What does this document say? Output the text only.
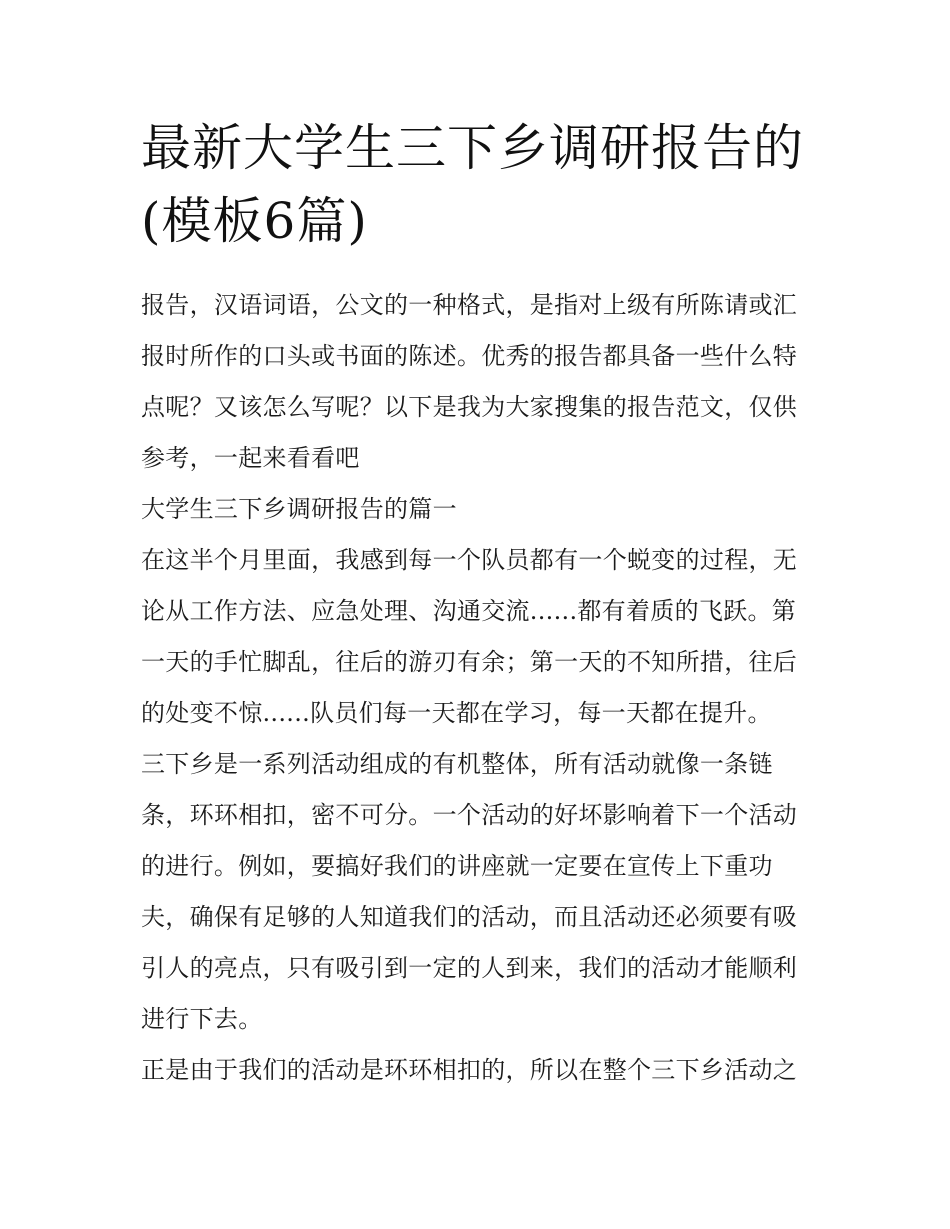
最新大学生三下乡调研报告的
(模板6篇)
报告，汉语词语，公文的一种格式，是指对上级有所陈请或汇
报时所作的口头或书面的陈述。优秀的报告都具备一些什么特
点呢？又该怎么写呢？以下是我为大家搜集的报告范文，仅供
参考，一起来看看吧
大学生三下乡调研报告的篇一
在这半个月里面，我感到每一个队员都有一个蜕变的过程，无
论从工作方法、应急处理、沟通交流......都有着质的飞跃。第
一天的手忙脚乱，往后的游刃有余；第一天的不知所措，往后
的处变不惊......队员们每一天都在学习，每一天都在提升。
三下乡是一系列活动组成的有机整体，所有活动就像一条链
条，环环相扣，密不可分。一个活动的好坏影响着下一个活动
的进行。例如，要搞好我们的讲座就一定要在宣传上下重功
夫，确保有足够的人知道我们的活动，而且活动还必须要有吸
引人的亮点，只有吸引到一定的人到来，我们的活动才能顺利
进行下去。
正是由于我们的活动是环环相扣的，所以在整个三下乡活动之
